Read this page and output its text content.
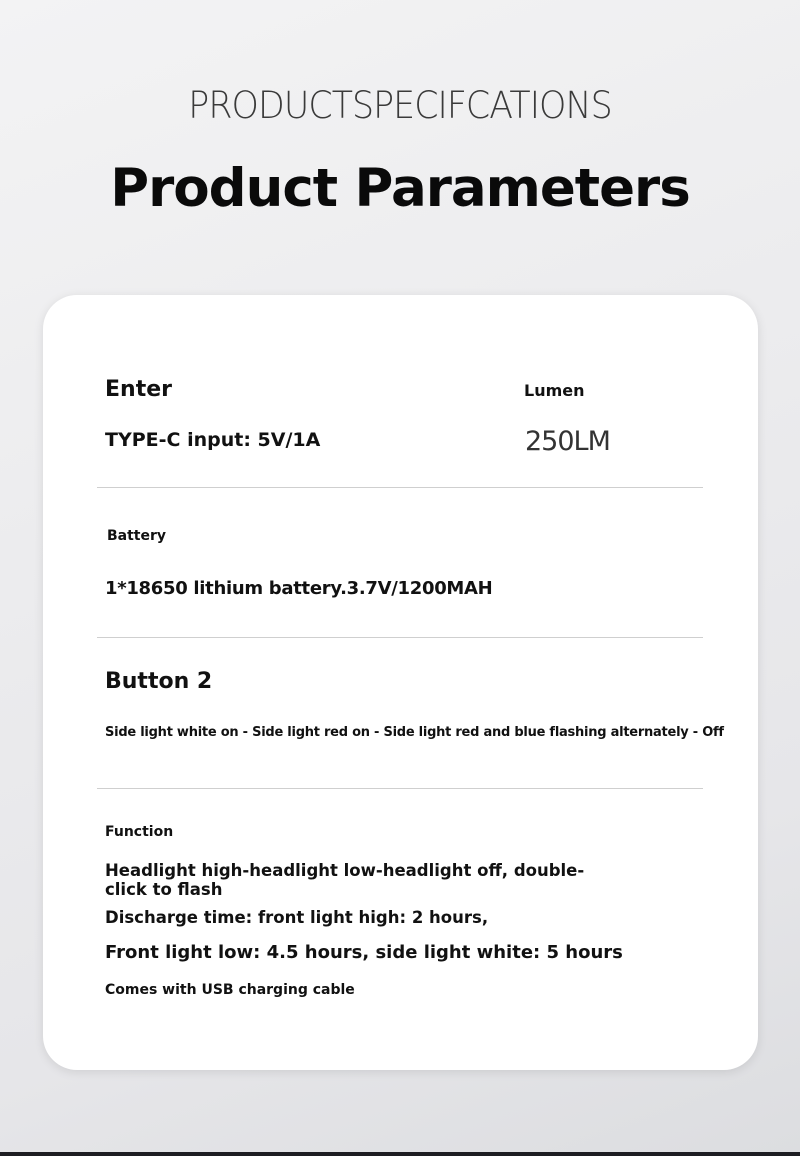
PRODUCTSPECIFCATIONS
Product Parameters
Enter
TYPE-C input: 5V/1A
Lumen
250LM
Battery
1*18650 lithium battery.3.7V/1200MAH
Button 2
Side light white on - Side light red on - Side light red and blue flashing alternately - Off
Function
Headlight high-headlight low-headlight off, double-
click to flash
Discharge time: front light high: 2 hours,
Front light low: 4.5 hours, side light white: 5 hours
Comes with USB charging cable
